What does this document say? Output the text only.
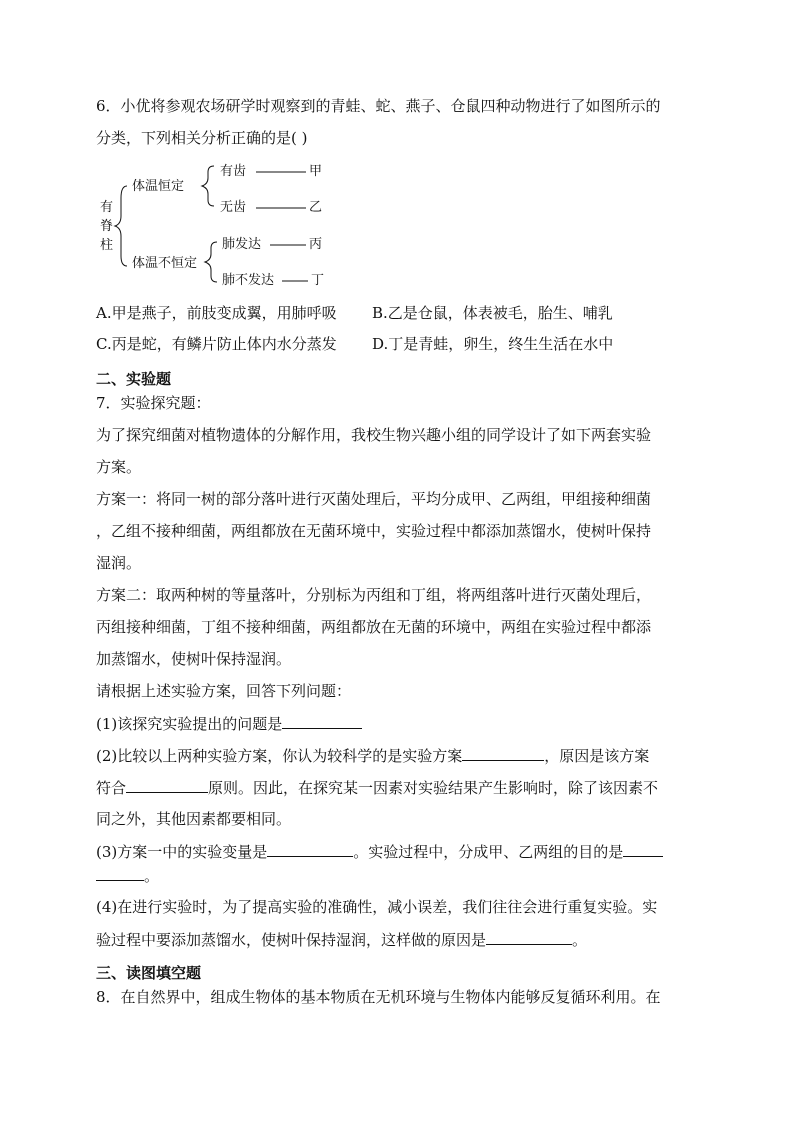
6．小优将参观农场研学时观察到的青蛙、蛇、燕子、仓鼠四种动物进行了如图所示的
分类，下列相关分析正确的是( )
有
脊
柱
体温恒定
体温不恒定
有齿
无齿
肺发达
肺不发达
甲
乙
丙
丁
A.甲是燕子，前肢变成翼，用肺呼吸 B.乙是仓鼠，体表被毛，胎生、哺乳
C.丙是蛇，有鳞片防止体内水分蒸发 D.丁是青蛙，卵生，终生生活在水中
二、实验题
7．实验探究题：
为了探究细菌对植物遗体的分解作用，我校生物兴趣小组的同学设计了如下两套实验
方案。
方案一：将同一树的部分落叶进行灭菌处理后，平均分成甲、乙两组，甲组接种细菌
，乙组不接种细菌，两组都放在无菌环境中，实验过程中都添加蒸馏水，使树叶保持
湿润。
方案二：取两种树的等量落叶，分别标为丙组和丁组，将两组落叶进行灭菌处理后，
丙组接种细菌，丁组不接种细菌，两组都放在无菌的环境中，两组在实验过程中都添
加蒸馏水，使树叶保持湿润。
请根据上述实验方案，回答下列问题：
(1)该探究实验提出的问题是
(2)比较以上两种实验方案，你认为较科学的是实验方案	，原因是该方案
符合	原则。因此，在探究某一因素对实验结果产生影响时，除了该因素不
同之外，其他因素都要相同。
(3)方案一中的实验变量是	。实验过程中，分成甲、乙两组的目的是
。
(4)在进行实验时，为了提高实验的准确性，减小误差，我们往往会进行重复实验。实
验过程中要添加蒸馏水，使树叶保持湿润，这样做的原因是	。
三、读图填空题
8．在自然界中，组成生物体的基本物质在无机环境与生物体内能够反复循环利用。在
